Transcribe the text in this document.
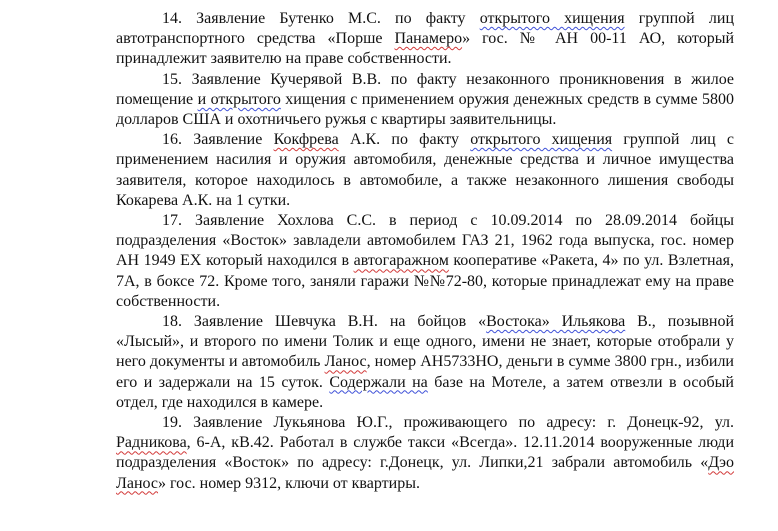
14. Заявление Бутенко М.С. по факту открытого хищения группой лиц автотранспортного средства «Порше Панамеро» гос. № АН 00-11 АО, который принадлежит заявителю на праве собственности.

15. Заявление Кучерявой В.В. по факту незаконного проникновения в жилое помещение и открытого хищения с применением оружия денежных средств в сумме 5800 долларов США и охотничьего ружья с квартиры заявительницы.

16. Заявление Кокфрева А.К. по факту открытого хищения группой лиц с применением насилия и оружия автомобиля, денежные средства и личное имущества заявителя, которое находилось в автомобиле, а также незаконного лишения свободы Кокарева А.К. на 1 сутки.

17. Заявление Хохлова С.С. в период с 10.09.2014 по 28.09.2014 бойцы подразделения «Восток» завладели автомобилем ГАЗ 21, 1962 года выпуска, гос. номер АН 1949 ЕХ который находился в автогаражном кооперативе «Ракета, 4» по ул. Взлетная, 7А, в боксе 72. Кроме того, заняли гаражи №№72-80, которые принадлежат ему на праве собственности.

18. Заявление Шевчука В.Н. на бойцов «Востока» Ильякова В., позывной «Лысый», и второго по имени Толик и еще одного, имени не знает, которые отобрали у него документы и автомобиль Ланос, номер АН5733НО, деньги в сумме 3800 грн., избили его и задержали на 15 суток. Содержали на базе на Мотеле, а затем отвезли в особый отдел, где находился в камере.

19. Заявление Лукьянова Ю.Г., проживающего по адресу: г. Донецк-92, ул. Радникова, 6-А, кВ.42. Работал в службе такси «Всегда». 12.11.2014 вооруженные люди подразделения «Восток» по адресу: г.Донецк, ул. Липки,21 забрали автомобиль «Дэо Ланос» гос. номер 9312, ключи от квартиры.
